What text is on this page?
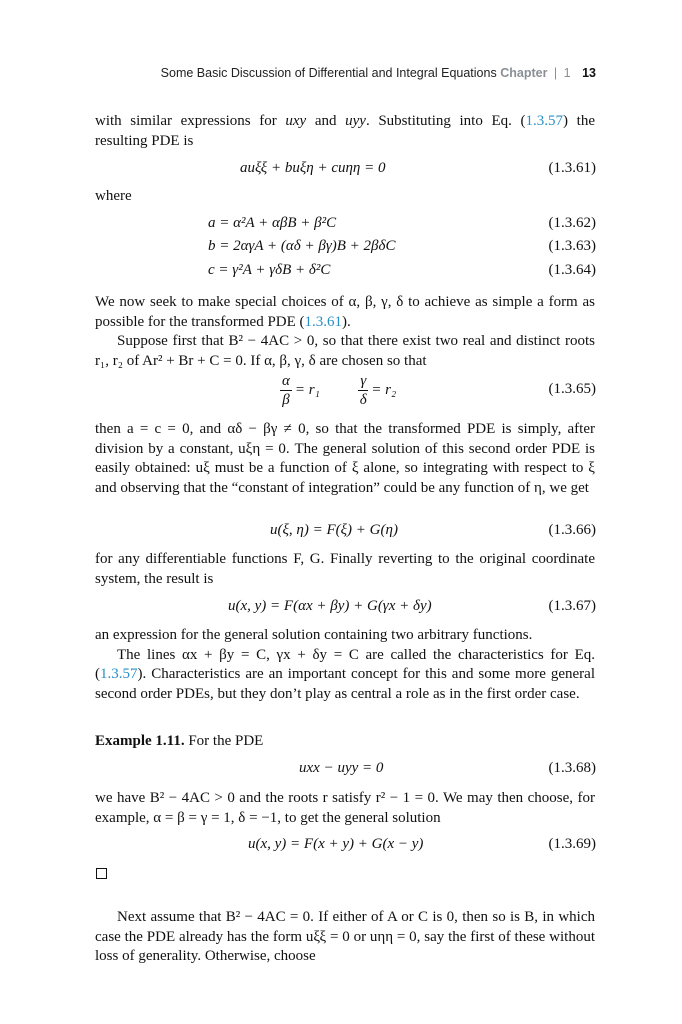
Some Basic Discussion of Differential and Integral Equations Chapter | 1 13

with similar expressions for uxy and uyy. Substituting into Eq. (1.3.57) the resulting PDE is

auξξ + buξη + cuηη = 0	(1.3.61)

where

a = α²A + αβB + β²C	(1.3.62)
b = 2αγA + (αδ + βγ)B + 2βδC	(1.3.63)
c = γ²A + γδB + δ²C	(1.3.64)

We now seek to make special choices of α, β, γ, δ to achieve as simple a form as possible for the transformed PDE (1.3.61).

Suppose first that B² − 4AC > 0, so that there exist two real and distinct roots r₁, r₂ of Ar² + Br + C = 0. If α, β, γ, δ are chosen so that

$\frac{\alpha}{\beta} = r_1$	$\frac{\gamma}{\delta} = r_2$	(1.3.65)

then a = c = 0, and αδ − βγ ≠ 0, so that the transformed PDE is simply, after division by a constant, uξη = 0. The general solution of this second order PDE is easily obtained: uξ must be a function of ξ alone, so integrating with respect to ξ and observing that the “constant of integration” could be any function of η, we get

u(ξ, η) = F(ξ) + G(η)	(1.3.66)

for any differentiable functions F, G. Finally reverting to the original coordinate system, the result is

u(x, y) = F(αx + βy) + G(γx + δy)	(1.3.67)

an expression for the general solution containing two arbitrary functions.

The lines αx + βy = C, γx + δy = C are called the characteristics for Eq. (1.3.57). Characteristics are an important concept for this and some more general second order PDEs, but they don’t play as central a role as in the first order case.

Example 1.11. For the PDE

uxx − uyy = 0	(1.3.68)

we have B² − 4AC > 0 and the roots r satisfy r² − 1 = 0. We may then choose, for example, α = β = γ = 1, δ = −1, to get the general solution

u(x, y) = F(x + y) + G(x − y)	(1.3.69)

Next assume that B² − 4AC = 0. If either of A or C is 0, then so is B, in which case the PDE already has the form uξξ = 0 or uηη = 0, say the first of these without loss of generality. Otherwise, choose
